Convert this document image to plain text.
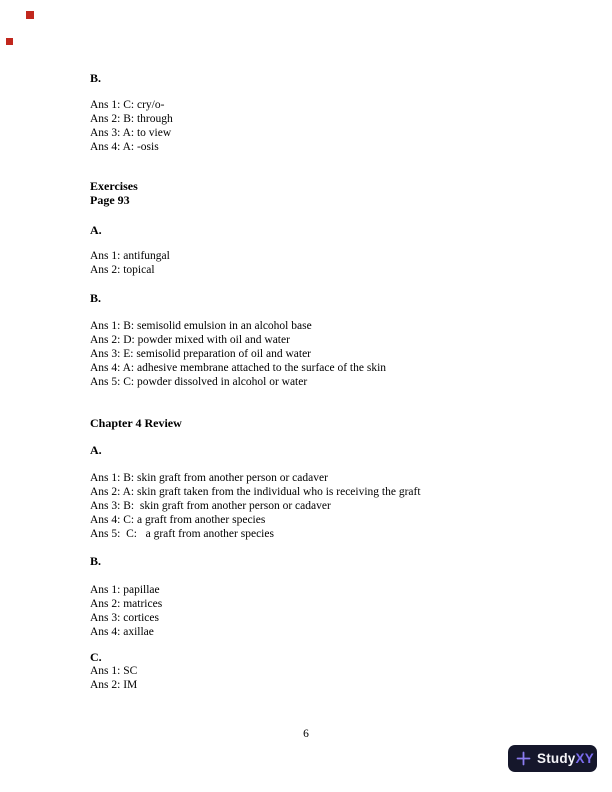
B.
Ans 1: C: cry/o-
Ans 2: B: through
Ans 3: A: to view
Ans 4: A: -osis
Exercises
Page 93
A.
Ans 1: antifungal
Ans 2: topical
B.
Ans 1: B: semisolid emulsion in an alcohol base
Ans 2: D: powder mixed with oil and water
Ans 3: E: semisolid preparation of oil and water
Ans 4: A: adhesive membrane attached to the surface of the skin
Ans 5: C: powder dissolved in alcohol or water
Chapter 4 Review
A.
Ans 1: B: skin graft from another person or cadaver
Ans 2: A: skin graft taken from the individual who is receiving the graft
Ans 3: B:  skin graft from another person or cadaver
Ans 4: C: a graft from another species
Ans 5:  C:   a graft from another species
B.
Ans 1: papillae
Ans 2: matrices
Ans 3: cortices
Ans 4: axillae
C.
Ans 1: SC
Ans 2: IM
6
StudyXY
